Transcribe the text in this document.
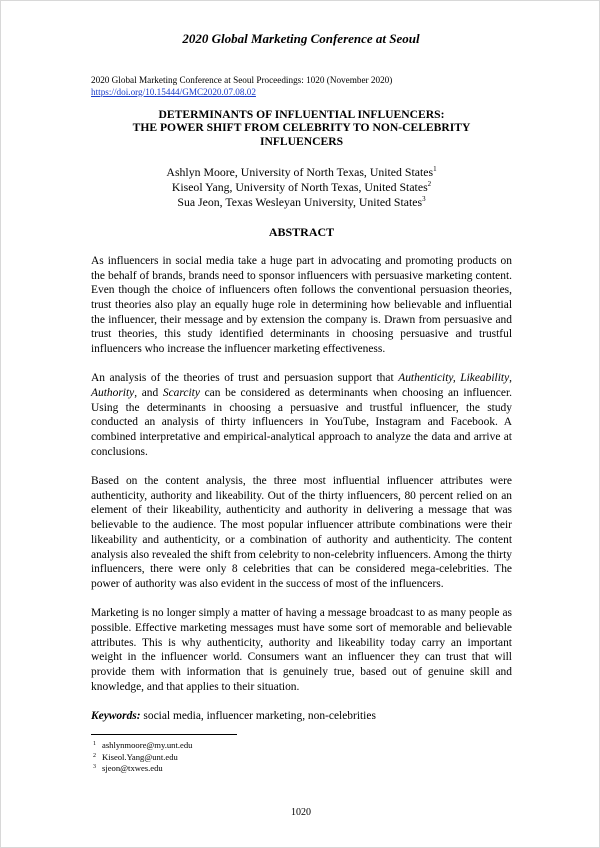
2020 Global Marketing Conference at Seoul

2020 Global Marketing Conference at Seoul Proceedings: 1020 (November 2020)

https://doi.org/10.15444/GMC2020.07.08.02
DETERMINANTS OF INFLUENTIAL INFLUENCERS:
THE POWER SHIFT FROM CELEBRITY TO NON-CELEBRITY
INFLUENCERS
Ashlyn Moore, University of North Texas, United States$^1$
Kiseol Yang, University of North Texas, United States$^2$
Sua Jeon, Texas Wesleyan University, United States$^3$
ABSTRACT

As influencers in social media take a huge part in advocating and promoting products on the behalf of brands, brands need to sponsor influencers with persuasive marketing content. Even though the choice of influencers often follows the conventional persuasion theories, trust theories also play an equally huge role in determining how believable and influential the influencer, their message and by extension the company is. Drawn from persuasive and trust theories, this study identified determinants in choosing persuasive and trustful influencers who increase the influencer marketing effectiveness.

An analysis of the theories of trust and persuasion support that Authenticity, Likeability, Authority, and Scarcity can be considered as determinants when choosing an influencer. Using the determinants in choosing a persuasive and trustful influencer, the study conducted an analysis of thirty influencers in YouTube, Instagram and Facebook. A combined interpretative and empirical-analytical approach to analyze the data and arrive at conclusions.

Based on the content analysis, the three most influential influencer attributes were authenticity, authority and likeability. Out of the thirty influencers, 80 percent relied on an element of their likeability, authenticity and authority in delivering a message that was believable to the audience. The most popular influencer attribute combinations were their likeability and authenticity, or a combination of authority and authenticity. The content analysis also revealed the shift from celebrity to non-celebrity influencers. Among the thirty influencers, there were only 8 celebrities that can be considered mega-celebrities. The power of authority was also evident in the success of most of the influencers.

Marketing is no longer simply a matter of having a message broadcast to as many people as possible. Effective marketing messages must have some sort of memorable and believable attributes. This is why authenticity, authority and likeability today carry an important weight in the influencer world. Consumers want an influencer they can trust that will provide them with information that is genuinely true, based out of genuine skill and knowledge, and that applies to their situation.

Keywords: social media, influencer marketing, non-celebrities
$^1$ ashlynmoore@my.unt.edu
$^2$ Kiseol.Yang@unt.edu
$^3$ sjeon@txwes.edu
1020
